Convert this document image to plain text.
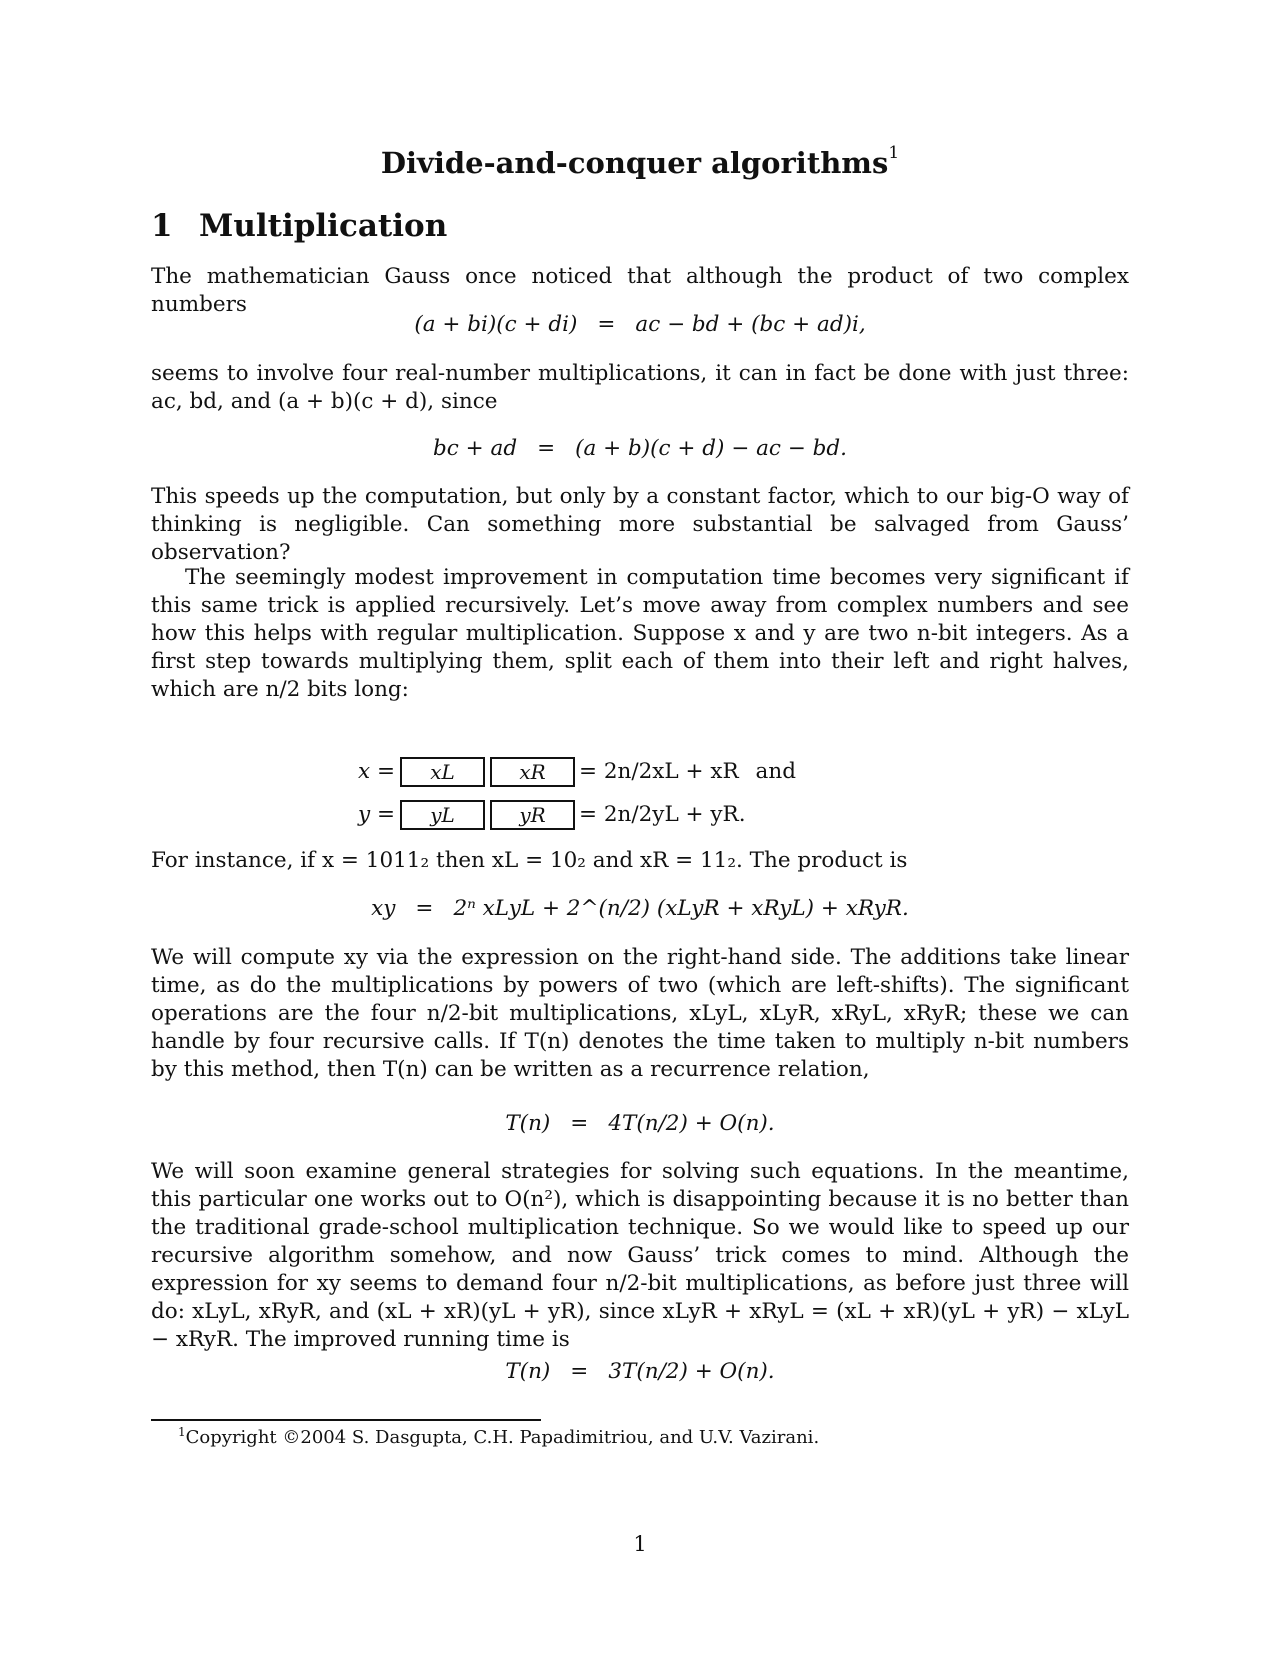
Divide-and-conquer algorithms$^1$
1 Multiplication
The mathematician Gauss once noticed that although the product of two complex numbers
(a + bi)(c + di) = ac − bd + (bc + ad)i,
seems to involve four real-number multiplications, it can in fact be done with just three: ac, bd, and (a + b)(c + d), since
bc + ad = (a + b)(c + d) − ac − bd.
This speeds up the computation, but only by a constant factor, which to our big-O way of thinking is negligible. Can something more substantial be salvaged from Gauss’ observation?
The seemingly modest improvement in computation time becomes very significant if this same trick is applied recursively. Let’s move away from complex numbers and see how this helps with regular multiplication. Suppose x and y are two n-bit integers. As a first step towards multiplying them, split each of them into their left and right halves, which are n/2 bits long:
x =	xL	xR	= 2n/2xL + xR and
y =	yL	yR	= 2n/2yL + yR.
For instance, if x = 1011₂ then xL = 10₂ and xR = 11₂. The product is
xy = 2ⁿ xLyL + 2^(n/2) (xLyR + xRyL) + xRyR.
We will compute xy via the expression on the right-hand side. The additions take linear time, as do the multiplications by powers of two (which are left-shifts). The significant operations are the four n/2-bit multiplications, xLyL, xLyR, xRyL, xRyR; these we can handle by four recursive calls. If T(n) denotes the time taken to multiply n-bit numbers by this method, then T(n) can be written as a recurrence relation,
T(n) = 4T(n/2) + O(n).
We will soon examine general strategies for solving such equations. In the meantime, this particular one works out to O(n²), which is disappointing because it is no better than the traditional grade-school multiplication technique. So we would like to speed up our recursive algorithm somehow, and now Gauss’ trick comes to mind. Although the expression for xy seems to demand four n/2-bit multiplications, as before just three will do: xLyL, xRyR, and (xL + xR)(yL + yR), since xLyR + xRyL = (xL + xR)(yL + yR) − xLyL − xRyR. The improved running time is
T(n) = 3T(n/2) + O(n).
$^1$Copyright ©2004 S. Dasgupta, C.H. Papadimitriou, and U.V. Vazirani.
1
